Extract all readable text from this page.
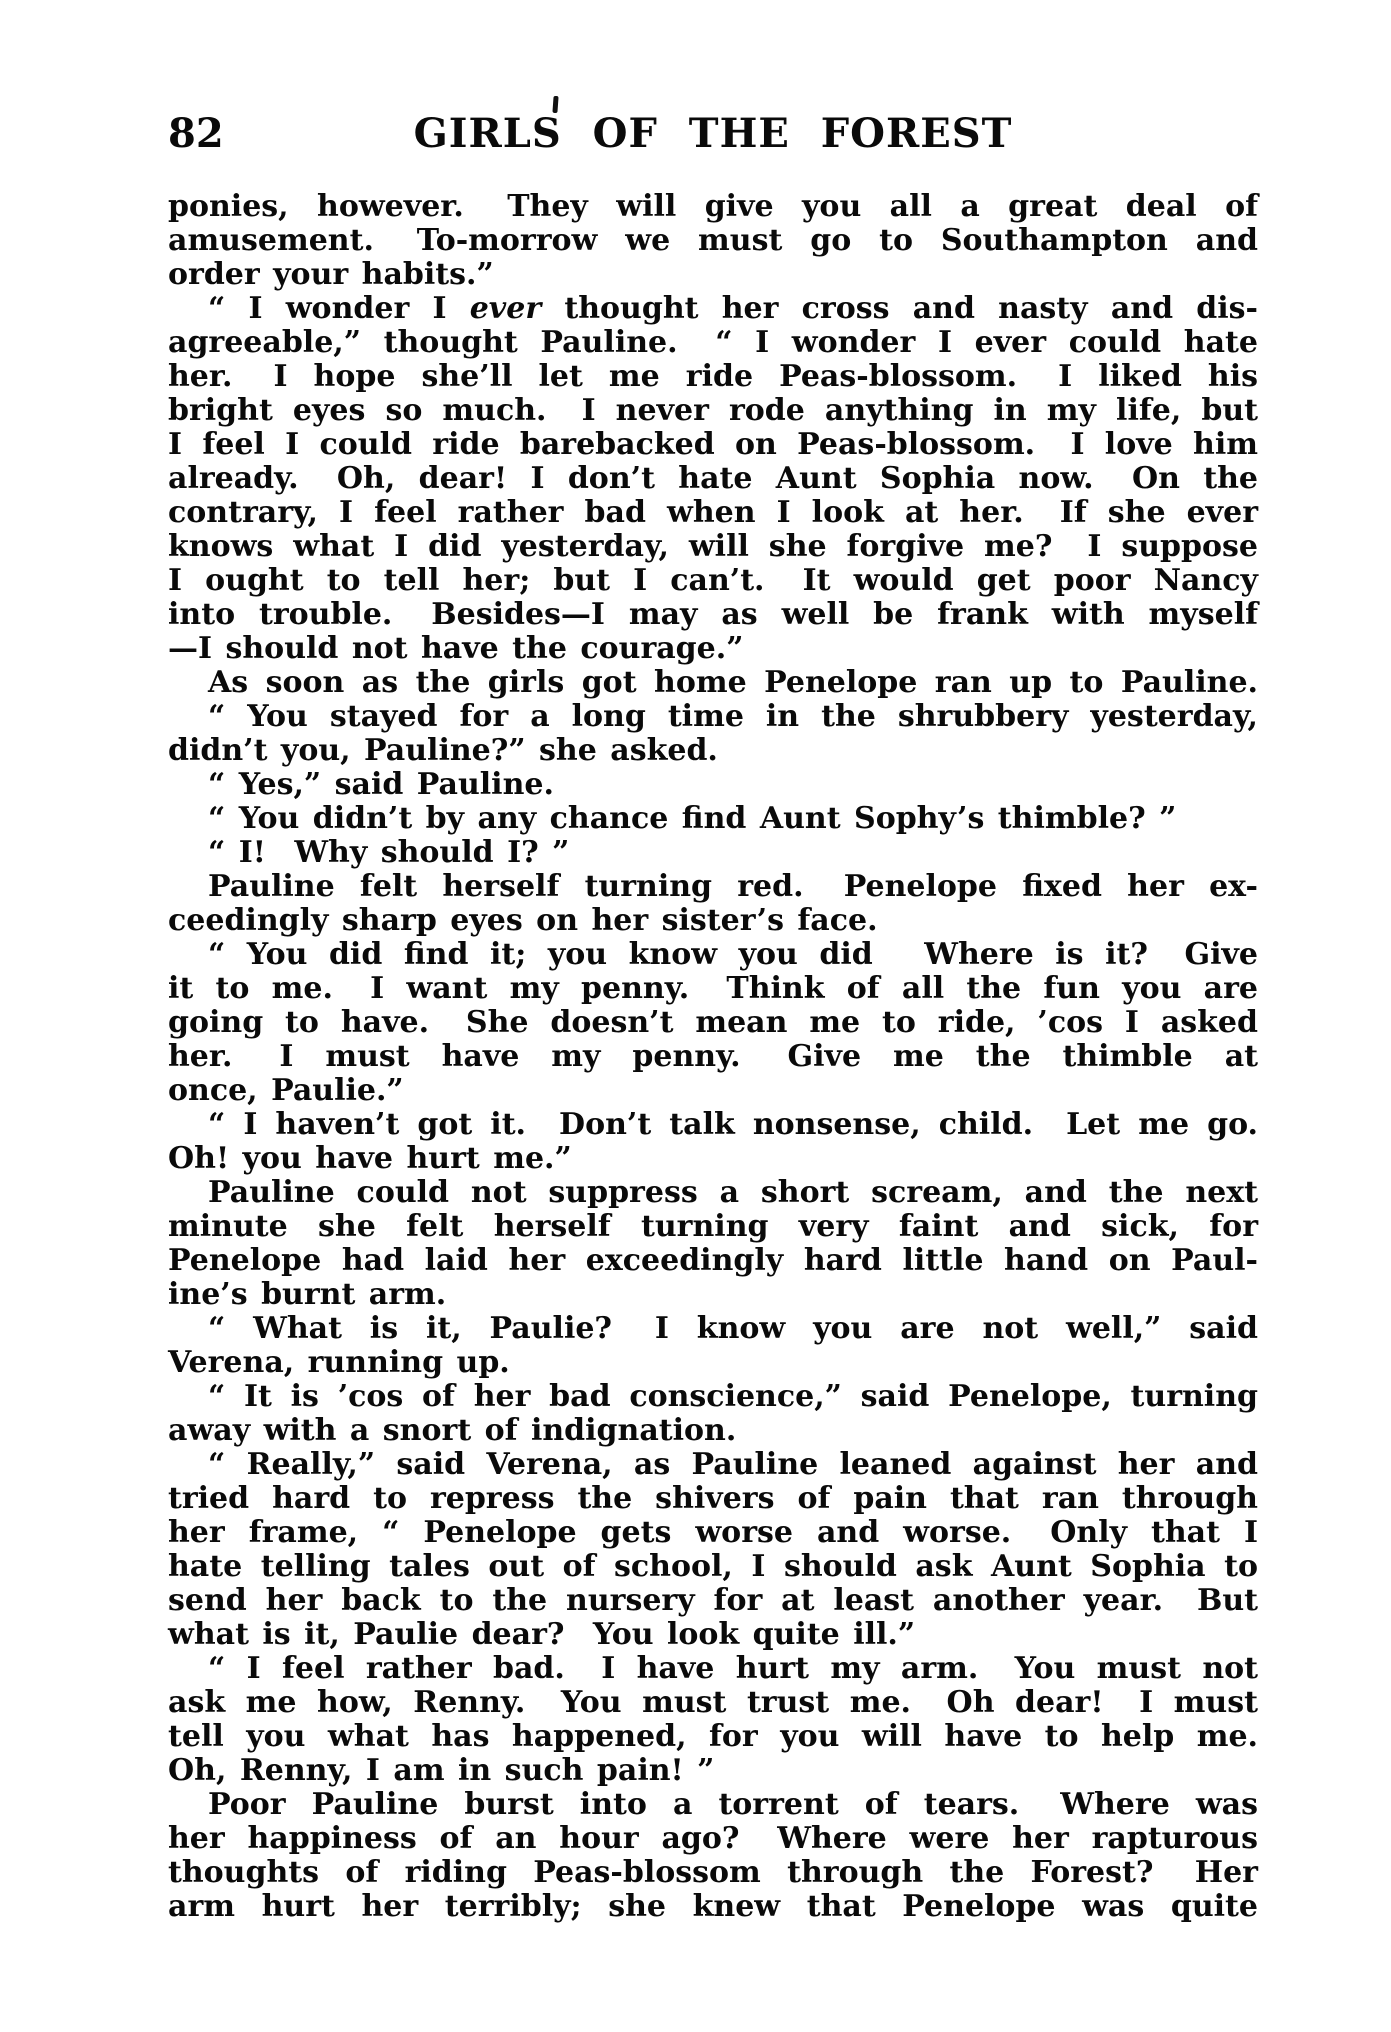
82	GIRLS OF THE FOREST
ponies, however.  They will give you all a great deal of
amusement.  To-morrow we must go to Southampton and
order your habits.”
“ I wonder I ever thought her cross and nasty and dis-
agreeable,” thought Pauline.  “ I wonder I ever could hate
her.  I hope she’ll let me ride Peas-blossom.  I liked his
bright eyes so much.  I never rode anything in my life, but
I feel I could ride barebacked on Peas-blossom.  I love him
already.  Oh, dear! I don’t hate Aunt Sophia now.  On the
contrary, I feel rather bad when I look at her.  If she ever
knows what I did yesterday, will she forgive me?  I suppose
I ought to tell her; but I can’t.  It would get poor Nancy
into trouble.  Besides—I may as well be frank with myself
—I should not have the courage.”
As soon as the girls got home Penelope ran up to Pauline.
“ You stayed for a long time in the shrubbery yesterday,
didn’t you, Pauline?” she asked.
“ Yes,” said Pauline.
“ You didn’t by any chance find Aunt Sophy’s thimble? ”
“ I!  Why should I? ”
Pauline felt herself turning red.  Penelope fixed her ex-
ceedingly sharp eyes on her sister’s face.
“ You did find it; you know you did   Where is it?  Give
it to me.  I want my penny.  Think of all the fun you are
going to have.  She doesn’t mean me to ride, ’cos I asked
her.  I must have my penny.  Give me the thimble at
once, Paulie.”
“ I haven’t got it.  Don’t talk nonsense, child.  Let me go.
Oh! you have hurt me.”
Pauline could not suppress a short scream, and the next
minute she felt herself turning very faint and sick, for
Penelope had laid her exceedingly hard little hand on Paul-
ine’s burnt arm.
“ What is it, Paulie?  I know you are not well,” said
Verena, running up.
“ It is ’cos of her bad conscience,” said Penelope, turning
away with a snort of indignation.
“ Really,” said Verena, as Pauline leaned against her and
tried hard to repress the shivers of pain that ran through
her frame, “ Penelope gets worse and worse.  Only that I
hate telling tales out of school, I should ask Aunt Sophia to
send her back to the nursery for at least another year.  But
what is it, Paulie dear?  You look quite ill.”
“ I feel rather bad.  I have hurt my arm.  You must not
ask me how, Renny.  You must trust me.  Oh dear!  I must
tell you what has happened, for you will have to help me.
Oh, Renny, I am in such pain! ”
Poor Pauline burst into a torrent of tears.  Where was
her happiness of an hour ago?  Where were her rapturous
thoughts of riding Peas-blossom through the Forest?  Her
arm hurt her terribly; she knew that Penelope was quite
